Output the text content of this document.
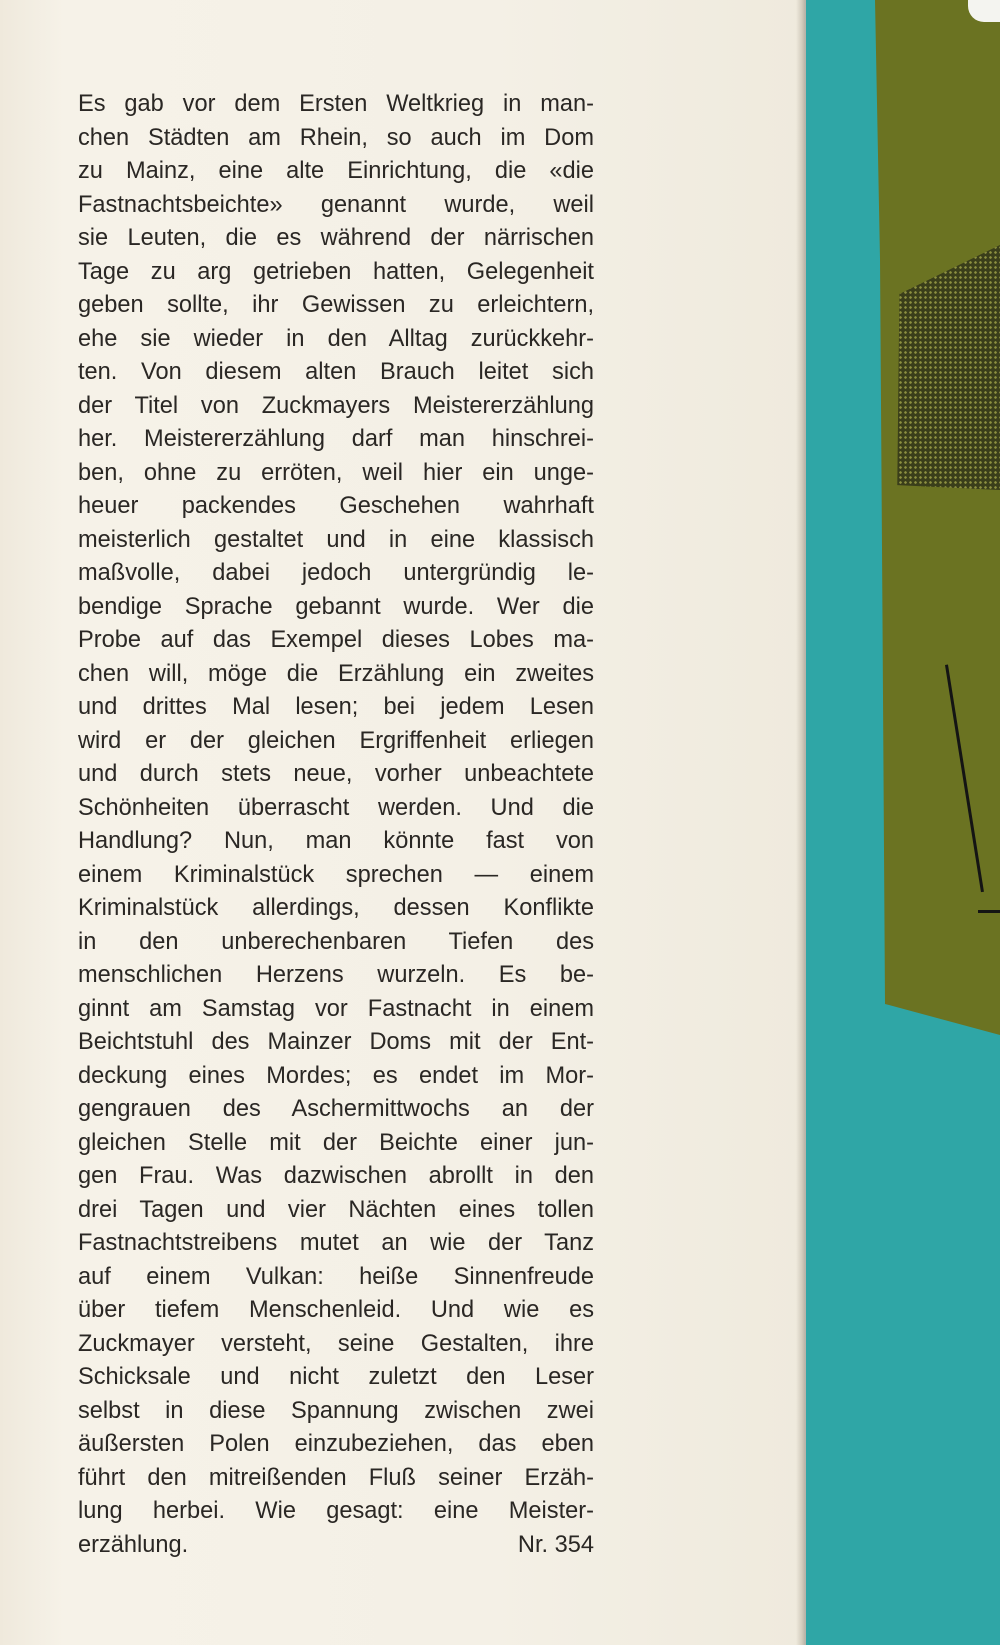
Es gab vor dem Ersten Weltkrieg in man-
chen Städten am Rhein, so auch im Dom
zu Mainz, eine alte Einrichtung, die «die
Fastnachtsbeichte» genannt wurde, weil
sie Leuten, die es während der närrischen
Tage zu arg getrieben hatten, Gelegenheit
geben sollte, ihr Gewissen zu erleichtern,
ehe sie wieder in den Alltag zurückkehr-
ten. Von diesem alten Brauch leitet sich
der Titel von Zuckmayers Meistererzählung
her. Meistererzählung darf man hinschrei-
ben, ohne zu erröten, weil hier ein unge-
heuer packendes Geschehen wahrhaft
meisterlich gestaltet und in eine klassisch
maßvolle, dabei jedoch untergründig le-
bendige Sprache gebannt wurde. Wer die
Probe auf das Exempel dieses Lobes ma-
chen will, möge die Erzählung ein zweites
und drittes Mal lesen; bei jedem Lesen
wird er der gleichen Ergriffenheit erliegen
und durch stets neue, vorher unbeachtete
Schönheiten überrascht werden. Und die
Handlung? Nun, man könnte fast von
einem Kriminalstück sprechen — einem
Kriminalstück allerdings, dessen Konflikte
in den unberechenbaren Tiefen des
menschlichen Herzens wurzeln. Es be-
ginnt am Samstag vor Fastnacht in einem
Beichtstuhl des Mainzer Doms mit der Ent-
deckung eines Mordes; es endet im Mor-
gengrauen des Aschermittwochs an der
gleichen Stelle mit der Beichte einer jun-
gen Frau. Was dazwischen abrollt in den
drei Tagen und vier Nächten eines tollen
Fastnachtstreibens mutet an wie der Tanz
auf einem Vulkan: heiße Sinnenfreude
über tiefem Menschenleid. Und wie es
Zuckmayer versteht, seine Gestalten, ihre
Schicksale und nicht zuletzt den Leser
selbst in diese Spannung zwischen zwei
äußersten Polen einzubeziehen, das eben
führt den mitreißenden Fluß seiner Erzäh-
lung herbei. Wie gesagt: eine Meister-
erzählung.	Nr. 354
